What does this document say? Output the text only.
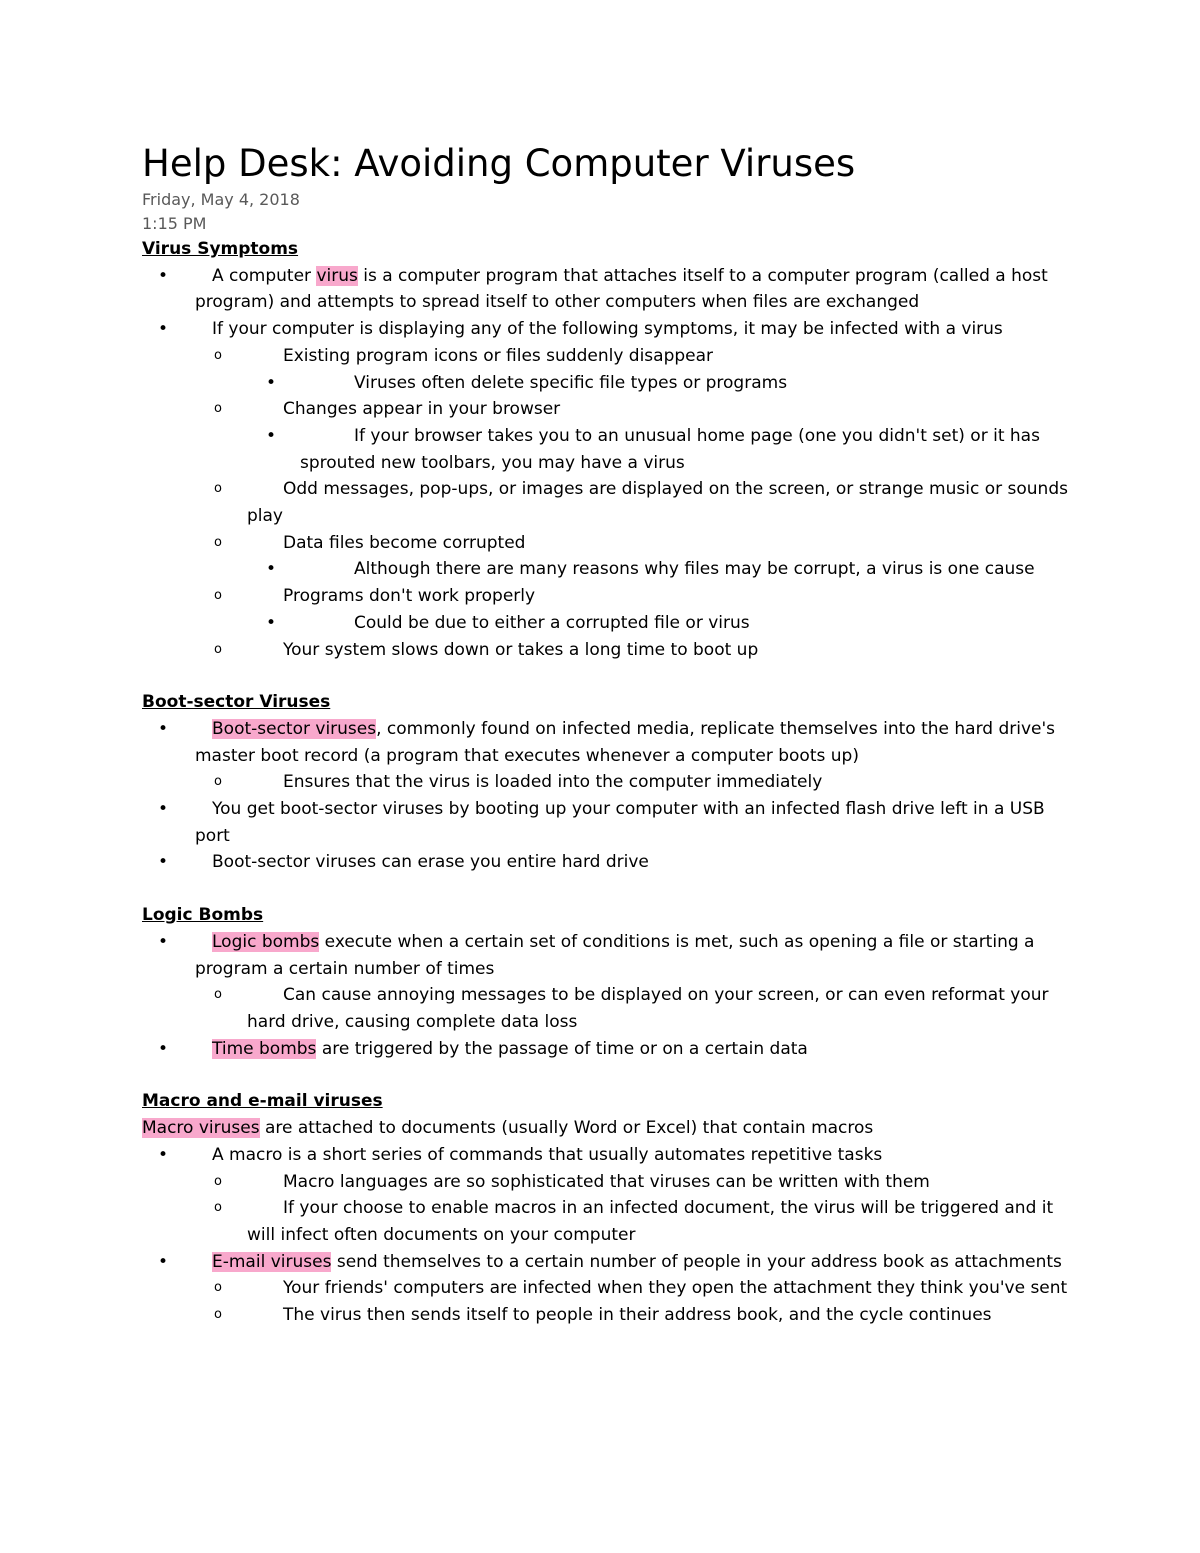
Help Desk: Avoiding Computer Viruses
Friday, May 4, 2018
1:15 PM
Virus Symptoms
•	A computer virus is a computer program that attaches itself to a computer program (called a host program) and attempts to spread itself to other computers when files are exchanged
•	If your computer is displaying any of the following symptoms, it may be infected with a virus
o	Existing program icons or files suddenly disappear
•	Viruses often delete specific file types or programs
o	Changes appear in your browser
•	If your browser takes you to an unusual home page (one you didn't set) or it has sprouted new toolbars, you may have a virus
o	Odd messages, pop-ups, or images are displayed on the screen, or strange music or sounds play
o	Data files become corrupted
•	Although there are many reasons why files may be corrupt, a virus is one cause
o	Programs don't work properly
•	Could be due to either a corrupted file or virus
o	Your system slows down or takes a long time to boot up
Boot-sector Viruses
•	Boot-sector viruses, commonly found on infected media, replicate themselves into the hard drive's master boot record (a program that executes whenever a computer boots up)
o	Ensures that the virus is loaded into the computer immediately
•	You get boot-sector viruses by booting up your computer with an infected flash drive left in a USB port
•	Boot-sector viruses can erase you entire hard drive
Logic Bombs
•	Logic bombs execute when a certain set of conditions is met, such as opening a file or starting a program a certain number of times
o	Can cause annoying messages to be displayed on your screen, or can even reformat your hard drive, causing complete data loss
•	Time bombs are triggered by the passage of time or on a certain data
Macro and e-mail viruses
Macro viruses are attached to documents (usually Word or Excel) that contain macros
•	A macro is a short series of commands that usually automates repetitive tasks
o	Macro languages are so sophisticated that viruses can be written with them
o	If your choose to enable macros in an infected document, the virus will be triggered and it will infect often documents on your computer
•	E-mail viruses send themselves to a certain number of people in your address book as attachments
o	Your friends' computers are infected when they open the attachment they think you've sent
o	The virus then sends itself to people in their address book, and the cycle continues
